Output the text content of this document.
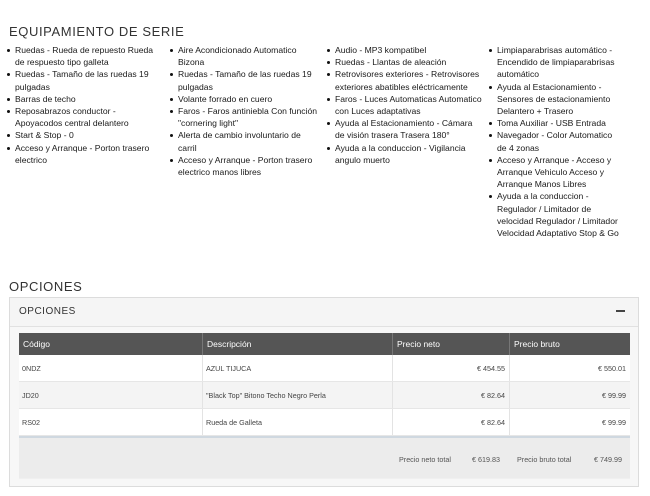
EQUIPAMIENTO DE SERIE
Ruedas - Rueda de repuesto Rueda de respuesto tipo galleta
Ruedas - Tamaño de las ruedas 19 pulgadas
Barras de techo
Reposabrazos conductor - Apoyacodos central delantero
Start & Stop - 0
Acceso y Arranque - Porton trasero electrico
Aire Acondicionado Automatico Bizona
Ruedas - Tamaño de las ruedas 19 pulgadas
Volante forrado en cuero
Faros - Faros antiniebla Con función "cornering light"
Alerta de cambio involuntario de carril
Acceso y Arranque - Porton trasero electrico manos libres
Audio - MP3 kompatibel
Ruedas - Llantas de aleación
Retrovisores exteriores - Retrovisores exteriores abatibles eléctricamente
Faros - Luces Automaticas Automatico con Luces adaptativas
Ayuda al Estacionamiento - Cámara de visión trasera Trasera 180°
Ayuda a la conduccion - Vigilancia angulo muerto
Limpiaparabrisas automático - Encendido de limpiaparabrisas automático
Ayuda al Estacionamiento - Sensores de estacionamiento Delantero + Trasero
Toma Auxiliar - USB Entrada
Navegador - Color Automatico de 4 zonas
Acceso y Arranque - Acceso y Arranque Vehiculo Acceso y Arranque Manos Libres
Ayuda a la conduccion - Regulador / Limitador de velocidad Regulador / Limitador Velocidad Adaptativo Stop & Go
OPCIONES
OPCIONES
Código	Descripción	Precio neto	Precio bruto
0NDZ	AZUL TIJUCA	€ 454.55	€ 550.01
JD20	"Black Top" Bitono Techo Negro Perla	€ 82.64	€ 99.99
RS02	Rueda de Galleta	€ 82.64	€ 99.99
Precio neto total	€ 619.83 Precio bruto total	€ 749.99
